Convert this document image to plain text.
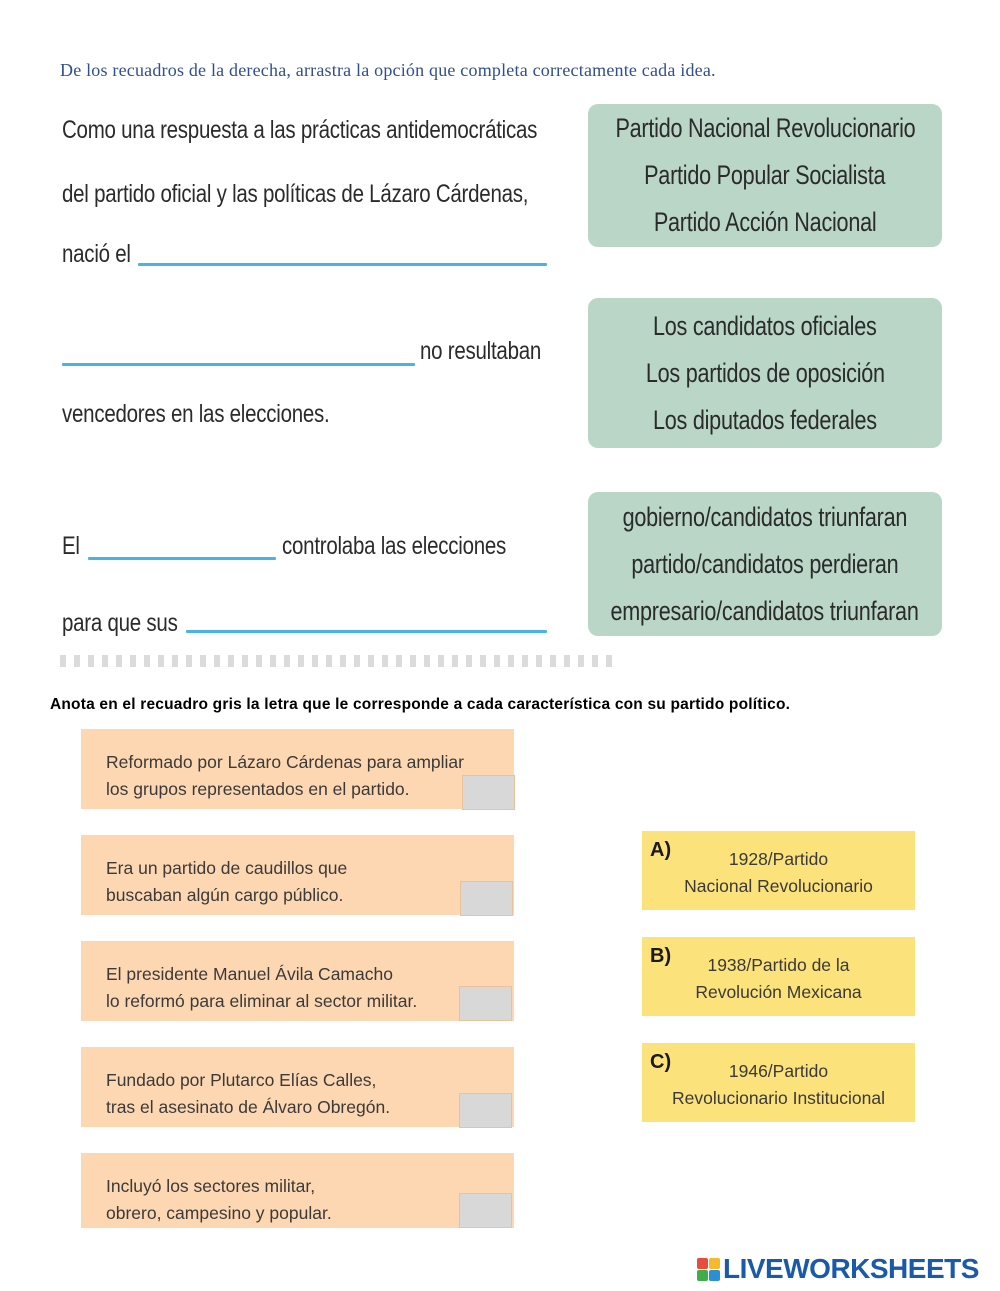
De los recuadros de la derecha, arrastra la opción que completa correctamente cada idea.
Como una respuesta a las prácticas antidemocráticas
del partido oficial y las políticas de Lázaro Cárdenas,
nació el
no resultaban
vencedores en las elecciones.
El	controlaba las elecciones
para que sus
Partido Nacional Revolucionario
Partido Popular Socialista
Partido Acción Nacional
Los candidatos oficiales
Los partidos de oposición
Los diputados federales
gobierno/candidatos triunfaran
partido/candidatos perdieran
empresario/candidatos triunfaran
Anota en el recuadro gris la letra que le corresponde a cada característica con su partido político.
Reformado por Lázaro Cárdenas para ampliar
los grupos representados en el partido.
Era un partido de caudillos que
buscaban algún cargo público.
El presidente Manuel Ávila Camacho
lo reformó para eliminar al sector militar.
Fundado por Plutarco Elías Calles,
tras el asesinato de Álvaro Obregón.
Incluyó los sectores militar,
obrero, campesino y popular.
A)	1928/Partido
Nacional Revolucionario
B)	1938/Partido de la
Revolución Mexicana
C)	1946/Partido
Revolucionario Institucional
LIVEWORKSHEETS
